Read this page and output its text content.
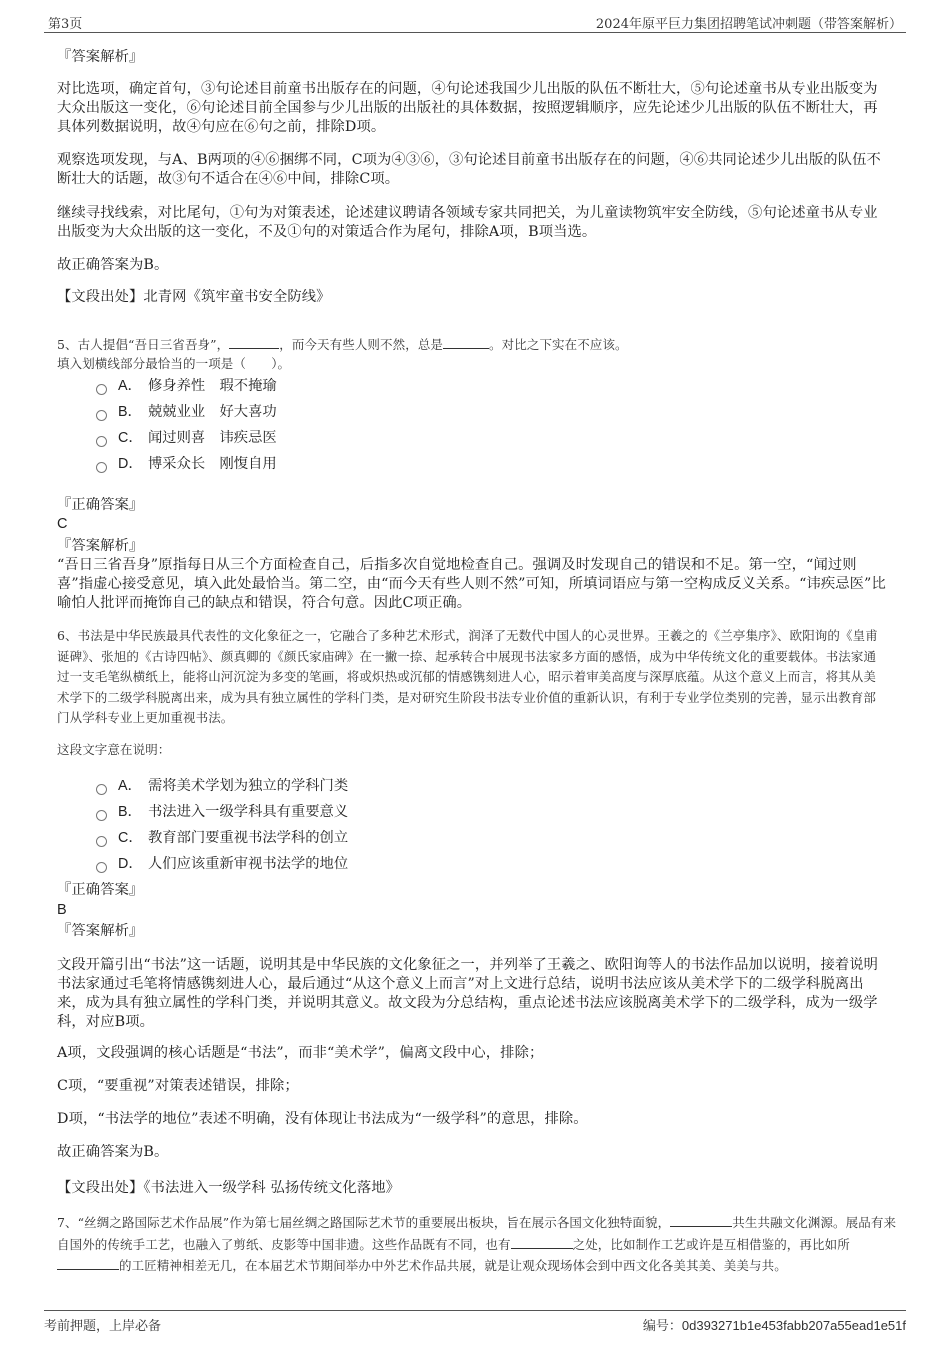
第3页	2024年原平巨力集团招聘笔试冲刺题（带答案解析）
『答案解析』
对比选项，确定首句，③句论述目前童书出版存在的问题，④句论述我国少儿出版的队伍不断壮大，⑤句论述童书从专业出版变为大众出版这一变化，⑥句论述目前全国参与少儿出版的出版社的具体数据，按照逻辑顺序，应先论述少儿出版的队伍不断壮大，再具体列数据说明，故④句应在⑥句之前，排除D项。
观察选项发现，与A、B两项的④⑥捆绑不同，C项为④③⑥，③句论述目前童书出版存在的问题，④⑥共同论述少儿出版的队伍不断壮大的话题，故③句不适合在④⑥中间，排除C项。
继续寻找线索，对比尾句，①句为对策表述，论述建议聘请各领域专家共同把关，为儿童读物筑牢安全防线，⑤句论述童书从专业出版变为大众出版的这一变化，不及①句的对策适合作为尾句，排除A项，B项当选。
故正确答案为B。
【文段出处】北青网《筑牢童书安全防线》
5、古人提倡“吾日三省吾身”，	，而今天有些人则不然，总是	。对比之下实在不应该。
填入划横线部分最恰当的一项是（　　）。
A． 修身养性　瑕不掩瑜
B． 兢兢业业　好大喜功
C． 闻过则喜　讳疾忌医
D． 博采众长　刚愎自用
『正确答案』
C
『答案解析』
“吾日三省吾身”原指每日从三个方面检查自己，后指多次自觉地检查自己。强调及时发现自己的错误和不足。第一空，“闻过则喜”指虚心接受意见，填入此处最恰当。第二空，由“而今天有些人则不然”可知，所填词语应与第一空构成反义关系。“讳疾忌医”比喻怕人批评而掩饰自己的缺点和错误，符合句意。因此C项正确。
6、书法是中华民族最具代表性的文化象征之一，它融合了多种艺术形式，润泽了无数代中国人的心灵世界。王羲之的《兰亭集序》、欧阳询的《皇甫诞碑》、张旭的《古诗四帖》、颜真卿的《颜氏家庙碑》在一撇一捺、起承转合中展现书法家多方面的感悟，成为中华传统文化的重要载体。书法家通过一支毛笔纵横纸上，能将山河沉淀为多变的笔画，将或炽热或沉郁的情感镌刻进人心，昭示着审美高度与深厚底蕴。从这个意义上而言，将其从美术学下的二级学科脱离出来，成为具有独立属性的学科门类，是对研究生阶段书法专业价值的重新认识，有利于专业学位类别的完善，显示出教育部门从学科专业上更加重视书法。
这段文字意在说明：
A． 需将美术学划为独立的学科门类
B． 书法进入一级学科具有重要意义
C． 教育部门要重视书法学科的创立
D． 人们应该重新审视书法学的地位
『正确答案』
B
『答案解析』
文段开篇引出“书法”这一话题，说明其是中华民族的文化象征之一，并列举了王羲之、欧阳询等人的书法作品加以说明，接着说明书法家通过毛笔将情感镌刻进人心，最后通过“从这个意义上而言”对上文进行总结，说明书法应该从美术学下的二级学科脱离出来，成为具有独立属性的学科门类，并说明其意义。故文段为分总结构，重点论述书法应该脱离美术学下的二级学科，成为一级学科，对应B项。
A项，文段强调的核心话题是“书法”，而非“美术学”，偏离文段中心，排除；
C项，“要重视”对策表述错误，排除；
D项，“书法学的地位”表述不明确，没有体现让书法成为“一级学科”的意思，排除。
故正确答案为B。
【文段出处】《书法进入一级学科 弘扬传统文化落地》
7、“丝绸之路国际艺术作品展”作为第七届丝绸之路国际艺术节的重要展出板块，旨在展示各国文化独特面貌，	共生共融文化渊源。展品有来自国外的传统手工艺，也融入了剪纸、皮影等中国非遗。这些作品既有不同，也有	之处，比如制作工艺或许是互相借鉴的，再比如所的工匠精神相差无几，在本届艺术节期间举办中外艺术作品共展，就是让观众现场体会到中西文化各美其美、美美与共。
考前押题，上岸必备	编号：0d393271b1e453fabb207a55ead1e51f
